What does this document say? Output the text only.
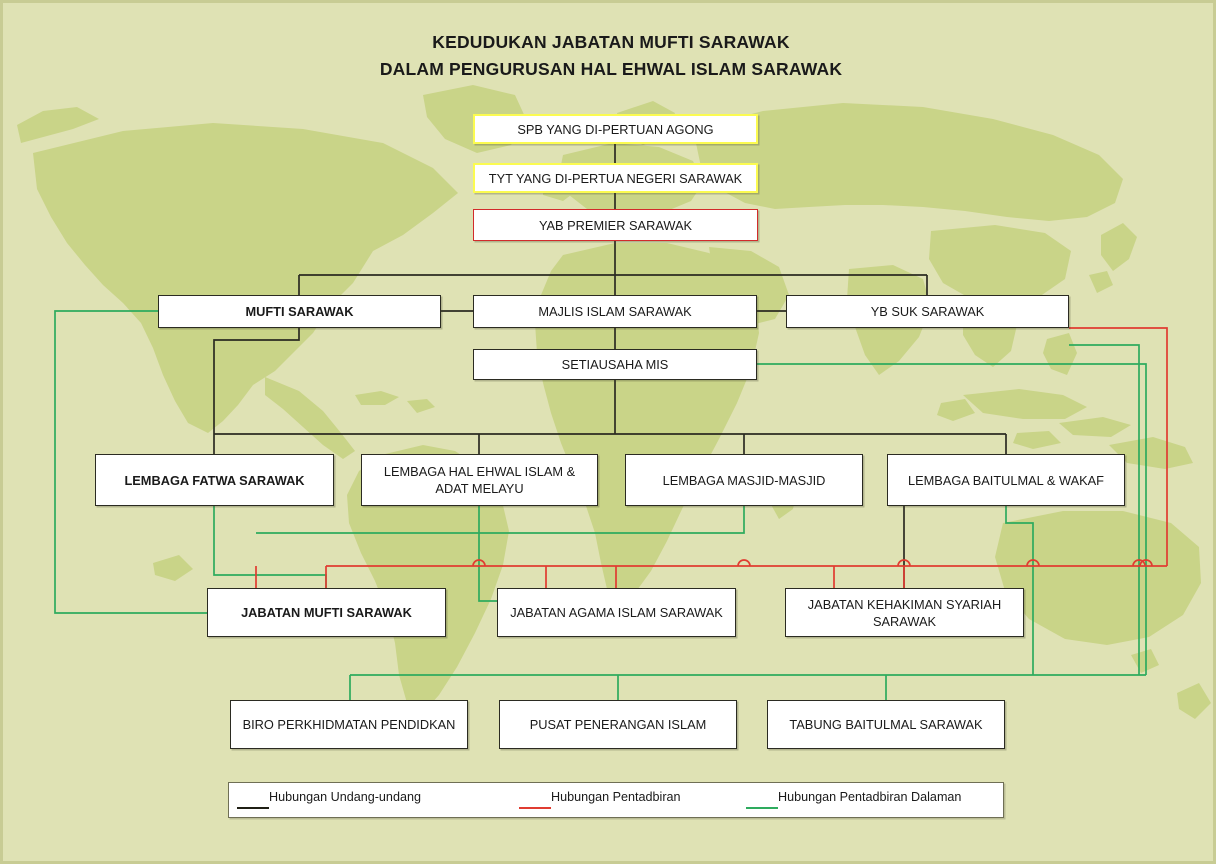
KEDUDUKAN JABATAN MUFTI SARAWAK
DALAM PENGURUSAN HAL EHWAL ISLAM SARAWAK
SPB YANG DI-PERTUAN AGONG
TYT YANG DI-PERTUA NEGERI SARAWAK
YAB PREMIER SARAWAK
MUFTI SARAWAK	MAJLIS ISLAM SARAWAK	YB SUK SARAWAK
SETIAUSAHA MIS
LEMBAGA FATWA SARAWAK
LEMBAGA HAL EHWAL ISLAM & ADAT MELAYU
LEMBAGA MASJID-MASJID	LEMBAGA BAITULMAL & WAKAF
JABATAN MUFTI SARAWAK	JABATAN AGAMA ISLAM SARAWAK
JABATAN KEHAKIMAN SYARIAH SARAWAK
BIRO PERKHIDMATAN PENDIDKAN	PUSAT PENERANGAN ISLAM	TABUNG BAITULMAL SARAWAK
Hubungan Undang-undang	Hubungan Pentadbiran	Hubungan Pentadbiran Dalaman
